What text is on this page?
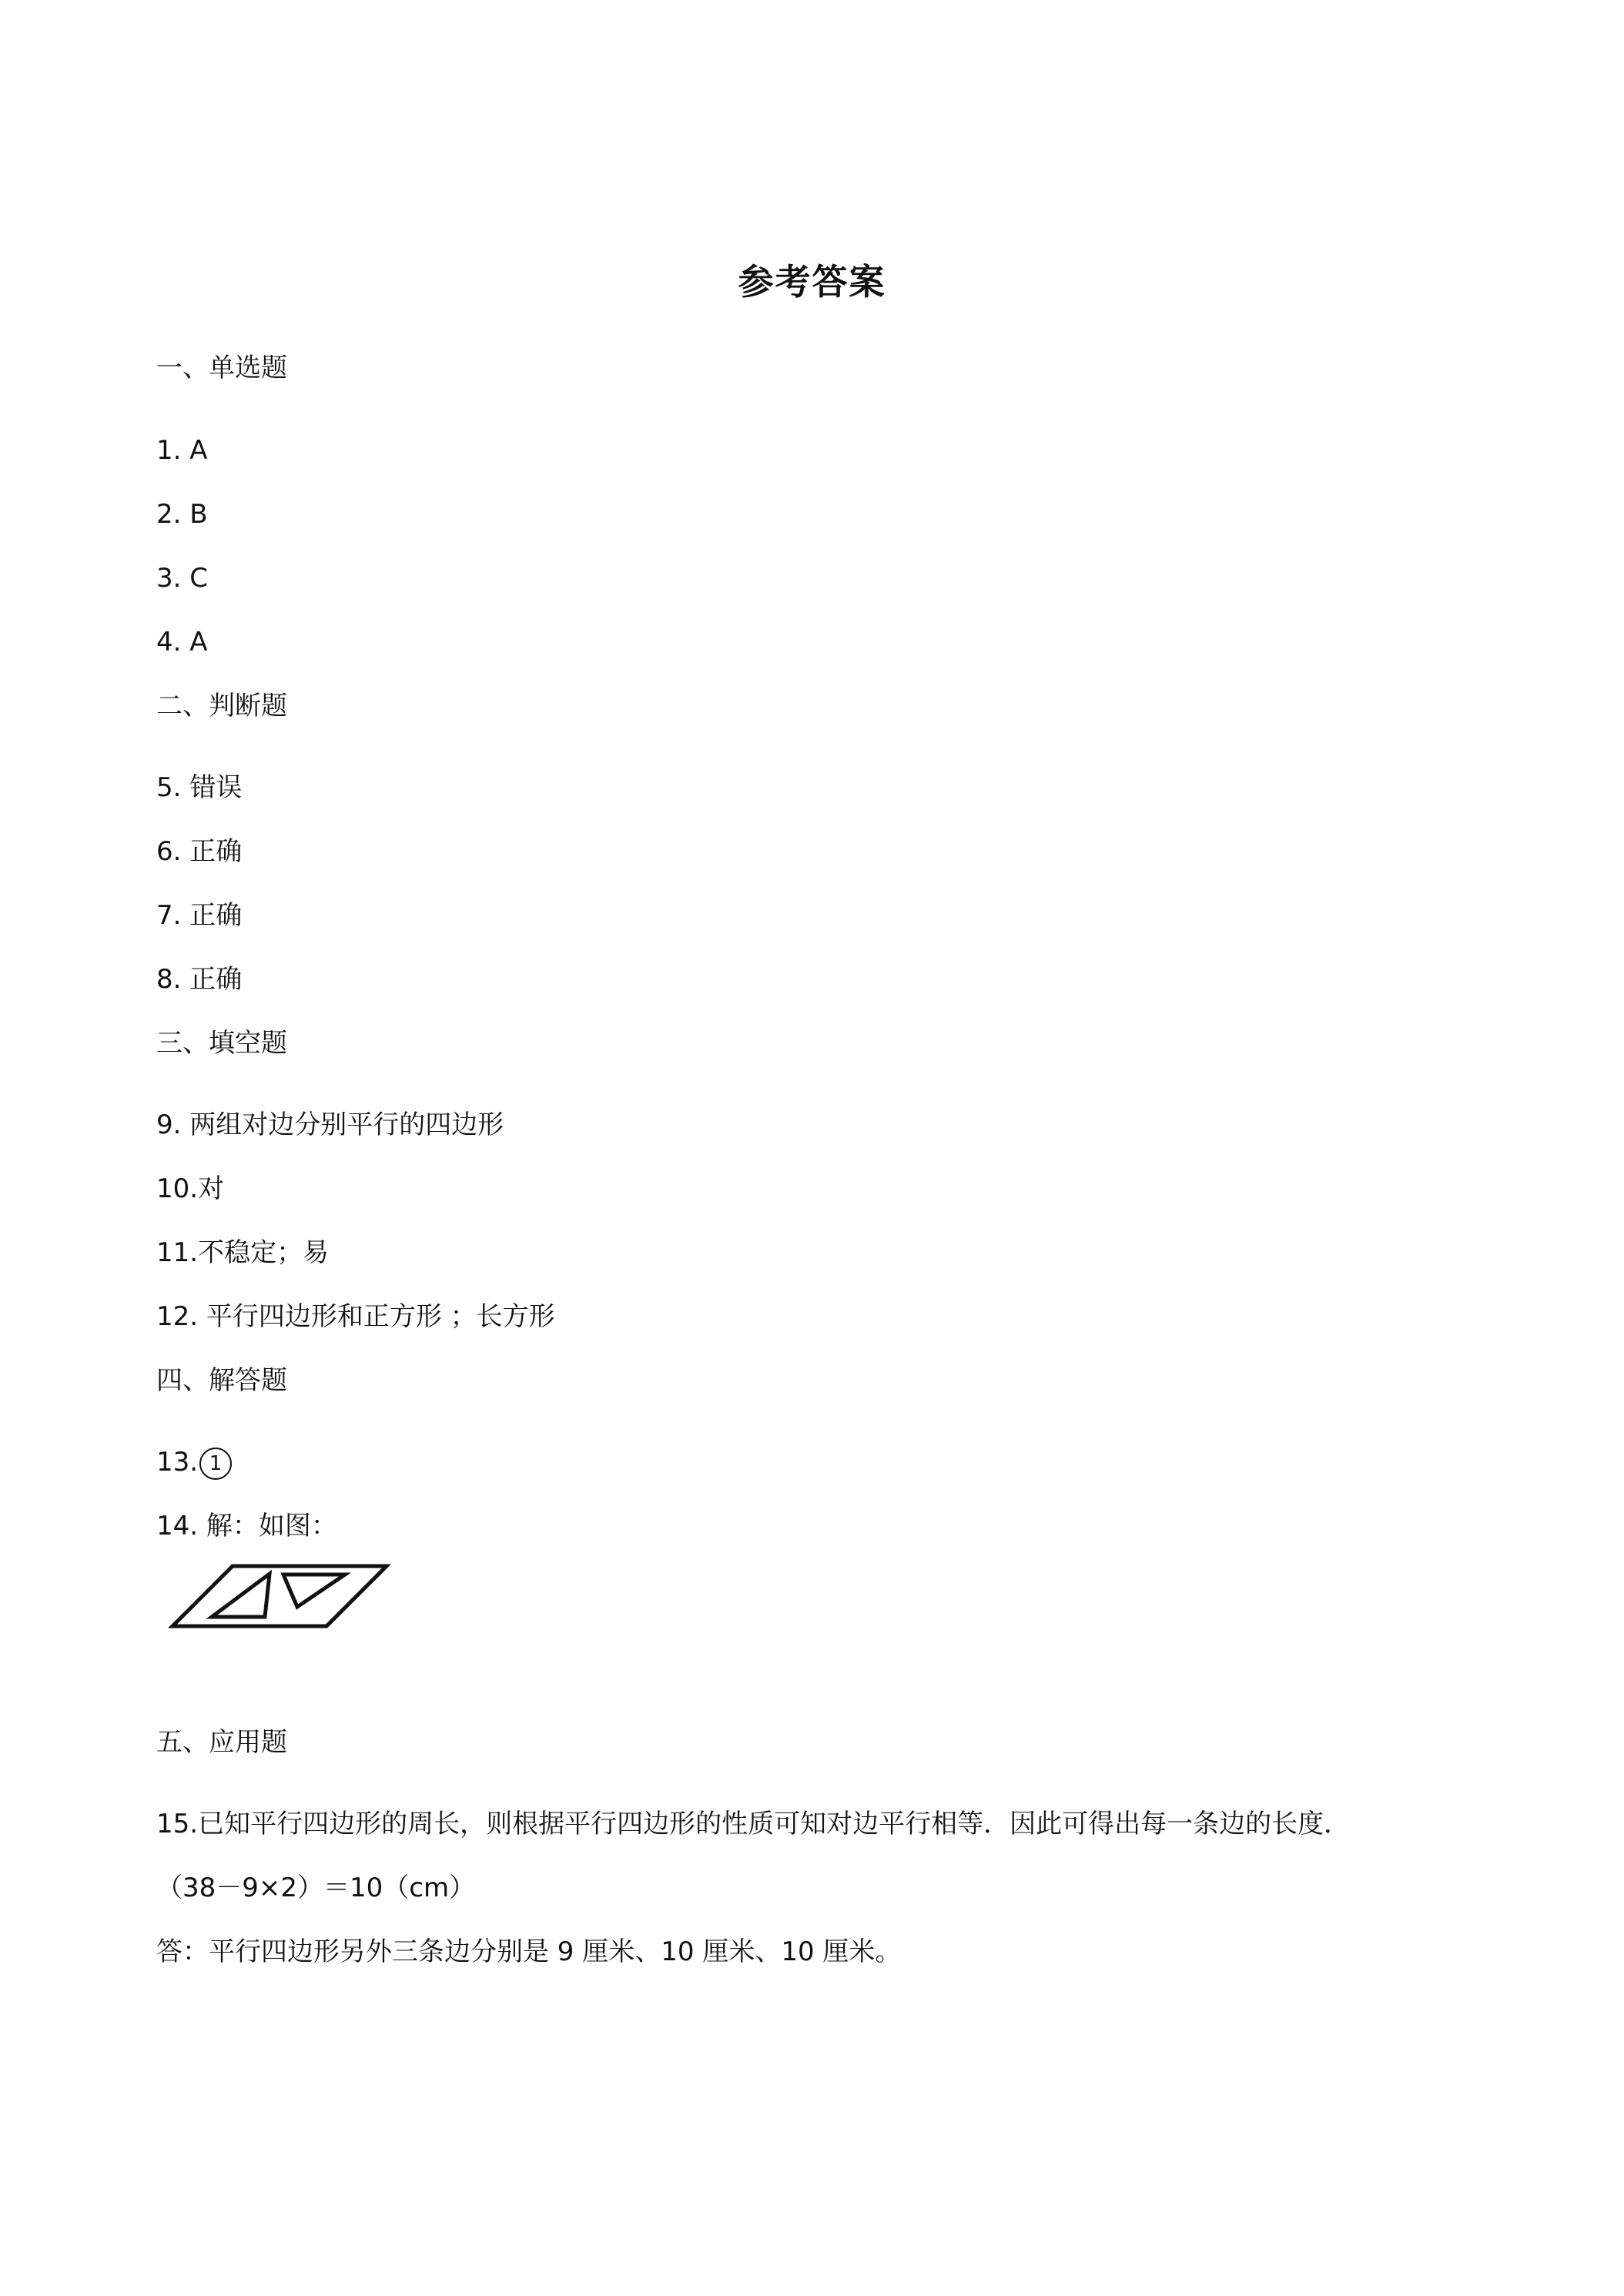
参考答案
一、单选题
1. A
2. B
3. C
4. A
二、判断题
5. 错误
6. 正确
7. 正确
8. 正确
三、填空题
9. 两组对边分别平行的四边形
10.对
11.不稳定；易
12. 平行四边形和正方形 ；长方形
四、解答题
13. 1
14. 解：如图：
五、应用题
15.已知平行四边形的周长，则根据平行四边形的性质可知对边平行相等．因此可得出每一条边的长度．
（38－9×2）＝10（cm）
答：平行四边形另外三条边分别是 9 厘米、10 厘米、10 厘米。
